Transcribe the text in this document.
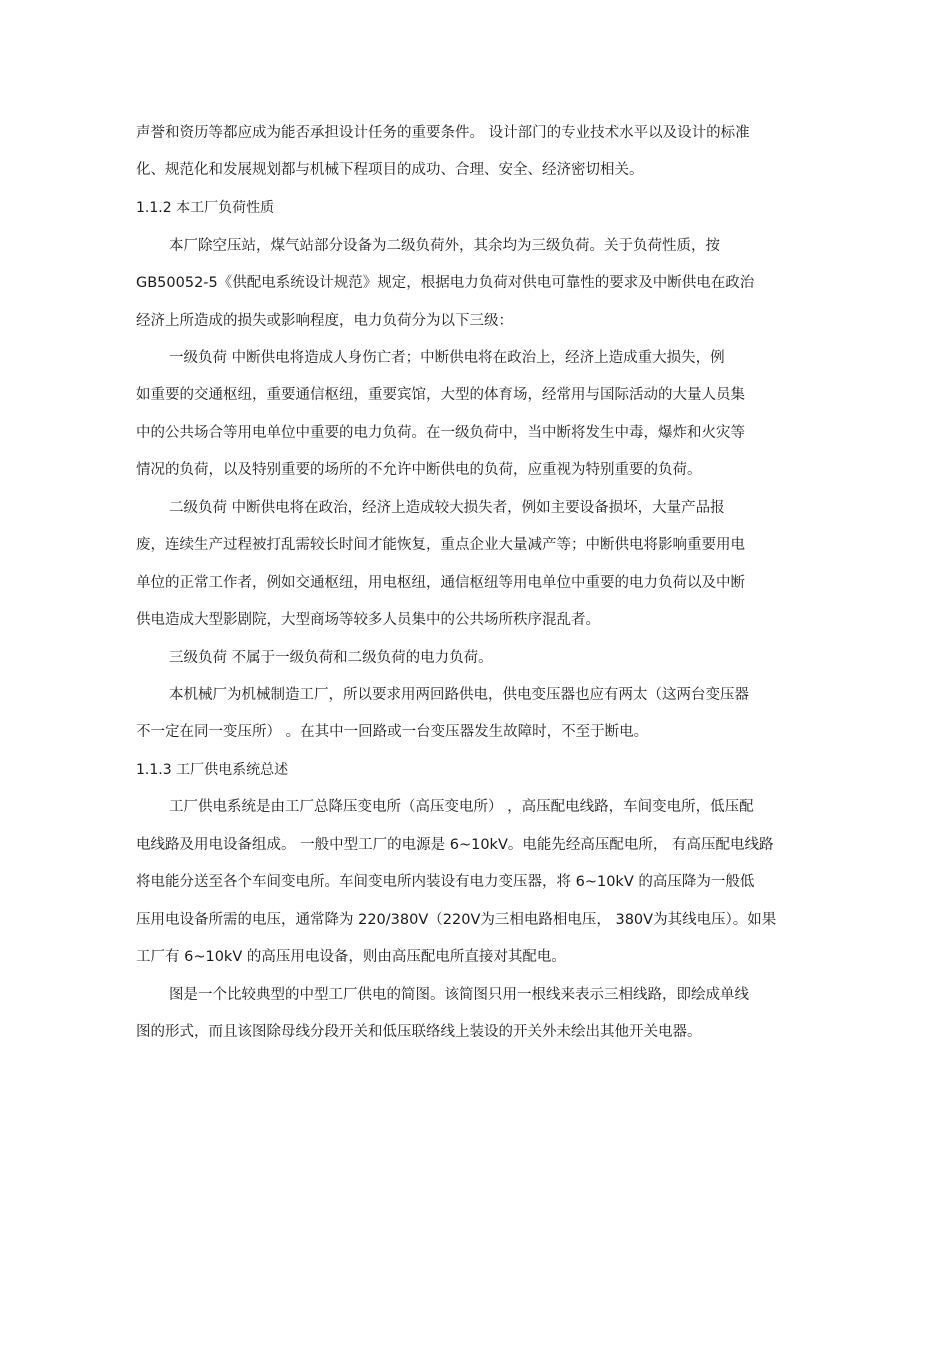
声誉和资历等都应成为能否承担设计任务的重要条件。 设计部门的专业技术水平以及设计的标准

化、规范化和发展规划都与机械下程项目的成功、合理、安全、经济密切相关。

1.1.2 本工厂负荷性质

本厂除空压站，煤气站部分设备为二级负荷外，其余均为三级负荷。关于负荷性质，按

GB50052-5《供配电系统设计规范》规定，根据电力负荷对供电可靠性的要求及中断供电在政治

经济上所造成的损失或影响程度，电力负荷分为以下三级：

一级负荷 中断供电将造成人身伤亡者；中断供电将在政治上，经济上造成重大损失，例

如重要的交通枢纽，重要通信枢纽，重要宾馆，大型的体育场，经常用与国际活动的大量人员集

中的公共场合等用电单位中重要的电力负荷。在一级负荷中，当中断将发生中毒，爆炸和火灾等

情况的负荷，以及特别重要的场所的不允许中断供电的负荷，应重视为特别重要的负荷。

二级负荷 中断供电将在政治，经济上造成较大损失者，例如主要设备损坏，大量产品报

废，连续生产过程被打乱需较长时间才能恢复，重点企业大量减产等；中断供电将影响重要用电

单位的正常工作者，例如交通枢纽，用电枢纽，通信枢纽等用电单位中重要的电力负荷以及中断

供电造成大型影剧院，大型商场等较多人员集中的公共场所秩序混乱者。

三级负荷 不属于一级负荷和二级负荷的电力负荷。

本机械厂为机械制造工厂，所以要求用两回路供电，供电变压器也应有两太（这两台变压器

不一定在同一变压所） 。在其中一回路或一台变压器发生故障时，不至于断电。

1.1.3 工厂供电系统总述

工厂供电系统是由工厂总降压变电所（高压变电所） ，高压配电线路，车间变电所，低压配

电线路及用电设备组成。 一般中型工厂的电源是 6~10kV。电能先经高压配电所， 有高压配电线路

将电能分送至各个车间变电所。车间变电所内装设有电力变压器，将 6~10kV 的高压降为一般低

压用电设备所需的电压，通常降为 220/380V（220V为三相电路相电压， 380V为其线电压）。如果

工厂有 6~10kV 的高压用电设备，则由高压配电所直接对其配电。

图是一个比较典型的中型工厂供电的简图。该简图只用一根线来表示三相线路，即绘成单线

图的形式，而且该图除母线分段开关和低压联络线上装设的开关外未绘出其他开关电器。
